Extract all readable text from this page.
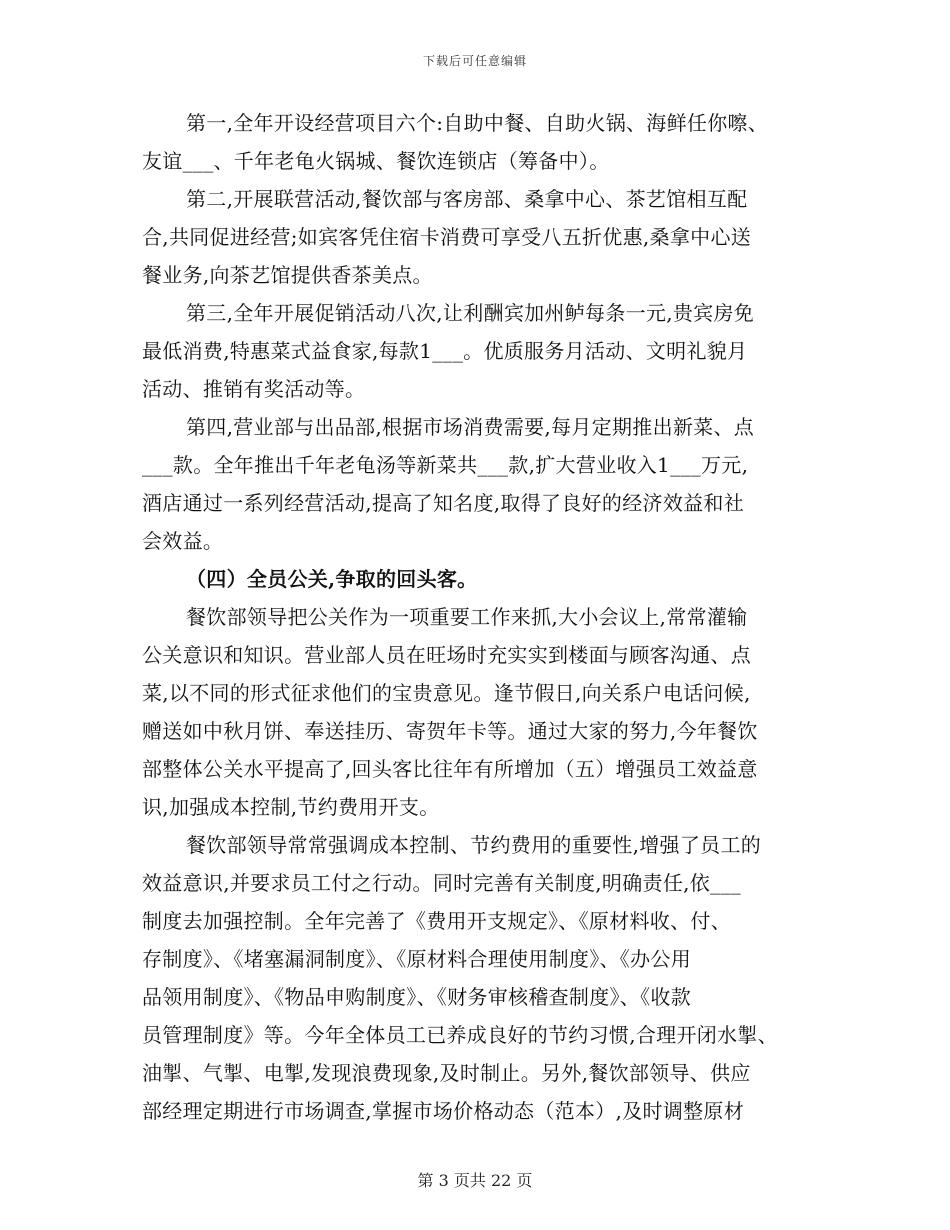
下载后可任意编辑
第一,全年开设经营项目六个:自助中餐、自助火锅、海鲜任你嚓、
友谊___、千年老龟火锅城、餐饮连锁店（筹备中）。
第二,开展联营活动,餐饮部与客房部、桑拿中心、茶艺馆相互配
合,共同促进经营;如宾客凭住宿卡消费可享受八五折优惠,桑拿中心送
餐业务,向茶艺馆提供香茶美点。
第三,全年开展促销活动八次,让利酬宾加州鲈每条一元,贵宾房免
最低消费,特惠菜式益食家,每款1___。优质服务月活动、文明礼貌月
活动、推销有奖活动等。
第四,营业部与出品部,根据市场消费需要,每月定期推出新菜、点
___款。全年推出千年老龟汤等新菜共___款,扩大营业收入1___万元,
酒店通过一系列经营活动,提高了知名度,取得了良好的经济效益和社
会效益。
（四）全员公关,争取的回头客。
餐饮部领导把公关作为一项重要工作来抓,大小会议上,常常灌输
公关意识和知识。营业部人员在旺场时充实实到楼面与顾客沟通、点
菜,以不同的形式征求他们的宝贵意见。逢节假日,向关系户电话问候,
赠送如中秋月饼、奉送挂历、寄贺年卡等。通过大家的努力,今年餐饮
部整体公关水平提高了,回头客比往年有所增加（五）增强员工效益意
识,加强成本控制,节约费用开支。
餐饮部领导常常强调成本控制、节约费用的重要性,增强了员工的
效益意识,并要求员工付之行动。同时完善有关制度,明确责任,依___
制度去加强控制。全年完善了《费用开支规定》、《原材料收、付、
存制度》、《堵塞漏洞制度》、《原材料合理使用制度》、《办公用
品领用制度》、《物品申购制度》、《财务审核稽查制度》、《收款
员管理制度》等。今年全体员工已养成良好的节约习惯,合理开闭水掣、
油掣、气掣、电掣,发现浪费现象,及时制止。另外,餐饮部领导、供应
部经理定期进行市场调查,掌握市场价格动态（范本）,及时调整原材
第 3 页共 22 页
